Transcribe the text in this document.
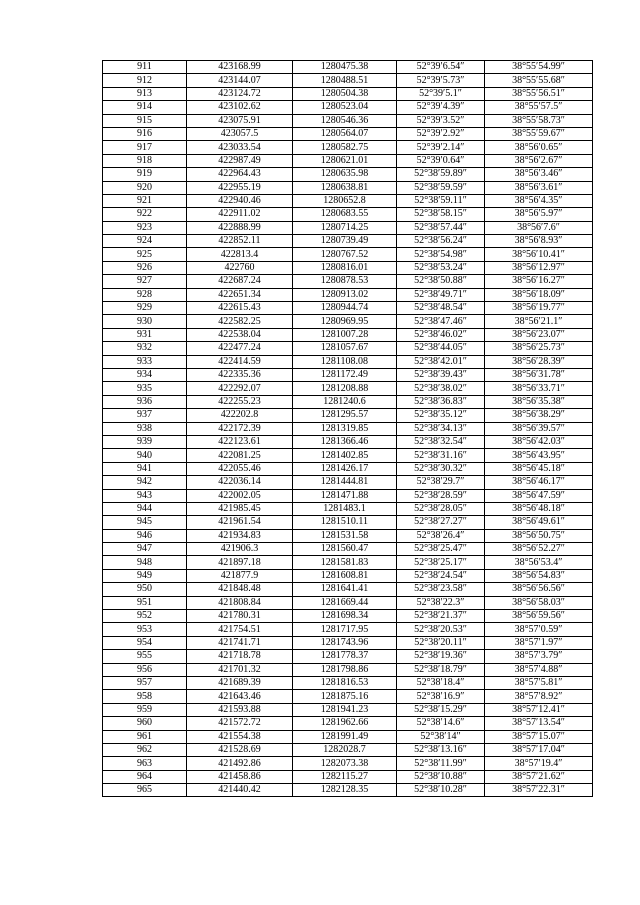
911	423168.99	1280475.38	52°39′6.54″	38°55′54.99″
912	423144.07	1280488.51	52°39′5.73″	38°55′55.68″
913	423124.72	1280504.38	52°39′5.1″	38°55′56.51″
914	423102.62	1280523.04	52°39′4.39″	38°55′57.5″
915	423075.91	1280546.36	52°39′3.52″	38°55′58.73″
916	423057.5	1280564.07	52°39′2.92″	38°55′59.67″
917	423033.54	1280582.75	52°39′2.14″	38°56′0.65″
918	422987.49	1280621.01	52°39′0.64″	38°56′2.67″
919	422964.43	1280635.98	52°38′59.89″	38°56′3.46″
920	422955.19	1280638.81	52°38′59.59″	38°56′3.61″
921	422940.46	1280652.8	52°38′59.11″	38°56′4.35″
922	422911.02	1280683.55	52°38′58.15″	38°56′5.97″
923	422888.99	1280714.25	52°38′57.44″	38°56′7.6″
924	422852.11	1280739.49	52°38′56.24″	38°56′8.93″
925	422813.4	1280767.52	52°38′54.98″	38°56′10.41″
926	422760	1280816.01	52°38′53.24″	38°56′12.97″
927	422687.24	1280878.53	52°38′50.88″	38°56′16.27″
928	422651.34	1280913.02	52°38′49.71″	38°56′18.09″
929	422615.43	1280944.74	52°38′48.54″	38°56′19.77″
930	422582.25	1280969.95	52°38′47.46″	38°56′21.1″
931	422538.04	1281007.28	52°38′46.02″	38°56′23.07″
932	422477.24	1281057.67	52°38′44.05″	38°56′25.73″
933	422414.59	1281108.08	52°38′42.01″	38°56′28.39″
934	422335.36	1281172.49	52°38′39.43″	38°56′31.78″
935	422292.07	1281208.88	52°38′38.02″	38°56′33.71″
936	422255.23	1281240.6	52°38′36.83″	38°56′35.38″
937	422202.8	1281295.57	52°38′35.12″	38°56′38.29″
938	422172.39	1281319.85	52°38′34.13″	38°56′39.57″
939	422123.61	1281366.46	52°38′32.54″	38°56′42.03″
940	422081.25	1281402.85	52°38′31.16″	38°56′43.95″
941	422055.46	1281426.17	52°38′30.32″	38°56′45.18″
942	422036.14	1281444.81	52°38′29.7″	38°56′46.17″
943	422002.05	1281471.88	52°38′28.59″	38°56′47.59″
944	421985.45	1281483.1	52°38′28.05″	38°56′48.18″
945	421961.54	1281510.11	52°38′27.27″	38°56′49.61″
946	421934.83	1281531.58	52°38′26.4″	38°56′50.75″
947	421906.3	1281560.47	52°38′25.47″	38°56′52.27″
948	421897.18	1281581.83	52°38′25.17″	38°56′53.4″
949	421877.9	1281608.81	52°38′24.54″	38°56′54.83″
950	421848.48	1281641.41	52°38′23.58″	38°56′56.56″
951	421808.84	1281669.44	52°38′22.3″	38°56′58.03″
952	421780.31	1281698.34	52°38′21.37″	38°56′59.56″
953	421754.51	1281717.95	52°38′20.53″	38°57′0.59″
954	421741.71	1281743.96	52°38′20.11″	38°57′1.97″
955	421718.78	1281778.37	52°38′19.36″	38°57′3.79″
956	421701.32	1281798.86	52°38′18.79″	38°57′4.88″
957	421689.39	1281816.53	52°38′18.4″	38°57′5.81″
958	421643.46	1281875.16	52°38′16.9″	38°57′8.92″
959	421593.88	1281941.23	52°38′15.29″	38°57′12.41″
960	421572.72	1281962.66	52°38′14.6″	38°57′13.54″
961	421554.38	1281991.49	52°38′14″	38°57′15.07″
962	421528.69	1282028.7	52°38′13.16″	38°57′17.04″
963	421492.86	1282073.38	52°38′11.99″	38°57′19.4″
964	421458.86	1282115.27	52°38′10.88″	38°57′21.62″
965	421440.42	1282128.35	52°38′10.28″	38°57′22.31″
